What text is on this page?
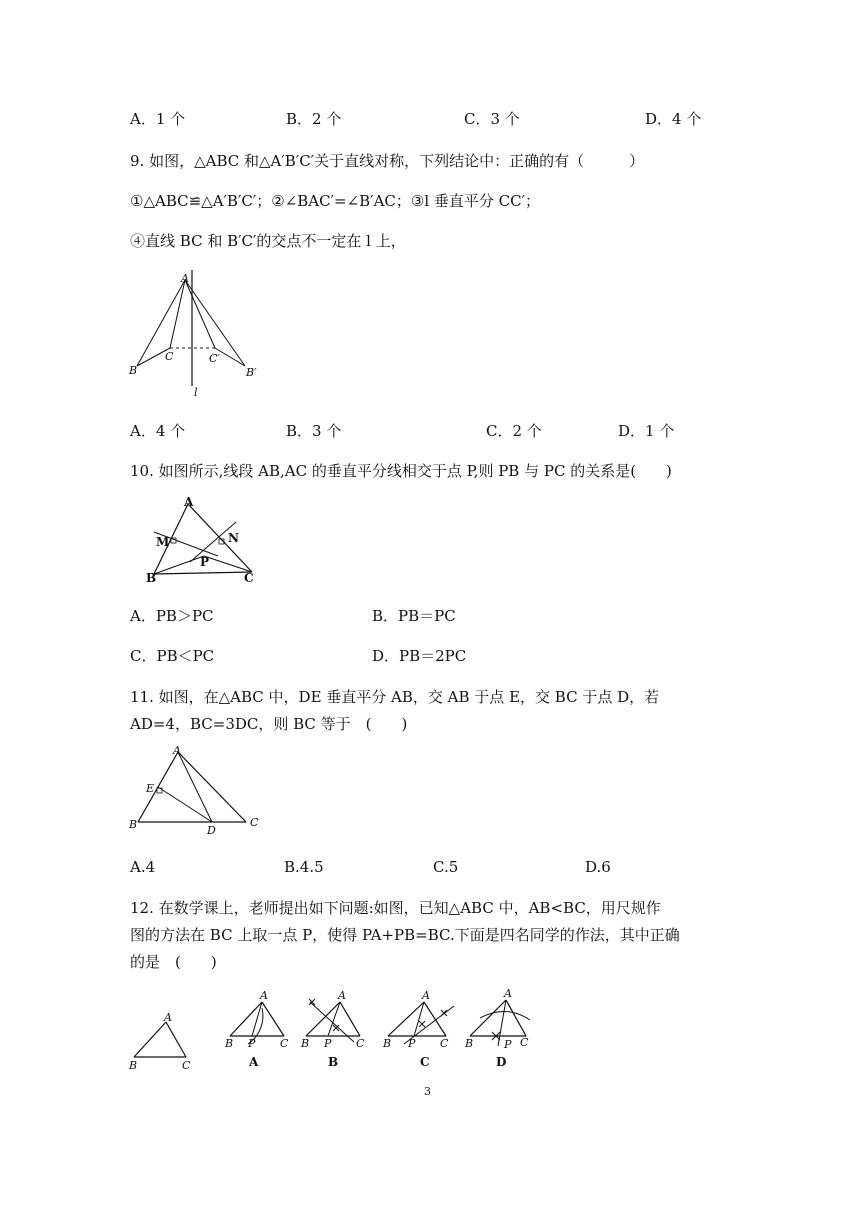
A．1 个	B．2 个	C．3 个	D．4 个
9. 如图，△ABC 和△A′B′C′关于直线对称，下列结论中：正确的有（　　　）
①△ABC≌△A′B′C′；②∠BAC′=∠B′AC；③l 垂直平分 CC′；
④直线 BC 和 B′C′的交点不一定在 l 上，
A
C	C′
B	B′
l
A．4 个	B．3 个	C．2 个	D．1 个
10. 如图所示,线段 AB,AC 的垂直平分线相交于点 P,则 PB 与 PC 的关系是(　　)
A
M	N
P
B	C
A．PB＞PC	B．PB＝PC
C．PB＜PC	D．PB＝2PC
11. 如图，在△ABC 中，DE 垂直平分 AB，交 AB 于点 E，交 BC 于点 D，若
AD=4，BC=3DC，则 BC 等于　(　　)
A
E
B	D
C
A.4	B.4.5	C.5	D.6
12. 在数学课上，老师提出如下问题:如图，已知△ABC 中，AB<BC，用尺规作
图的方法在 BC 上取一点 P，使得 PA+PB=BC.下面是四名同学的作法，其中正确
的是　(　　)
A
B	C
A
B P C
A
A
B P C
B
A
B P C
C
A
B	P C
D
3
